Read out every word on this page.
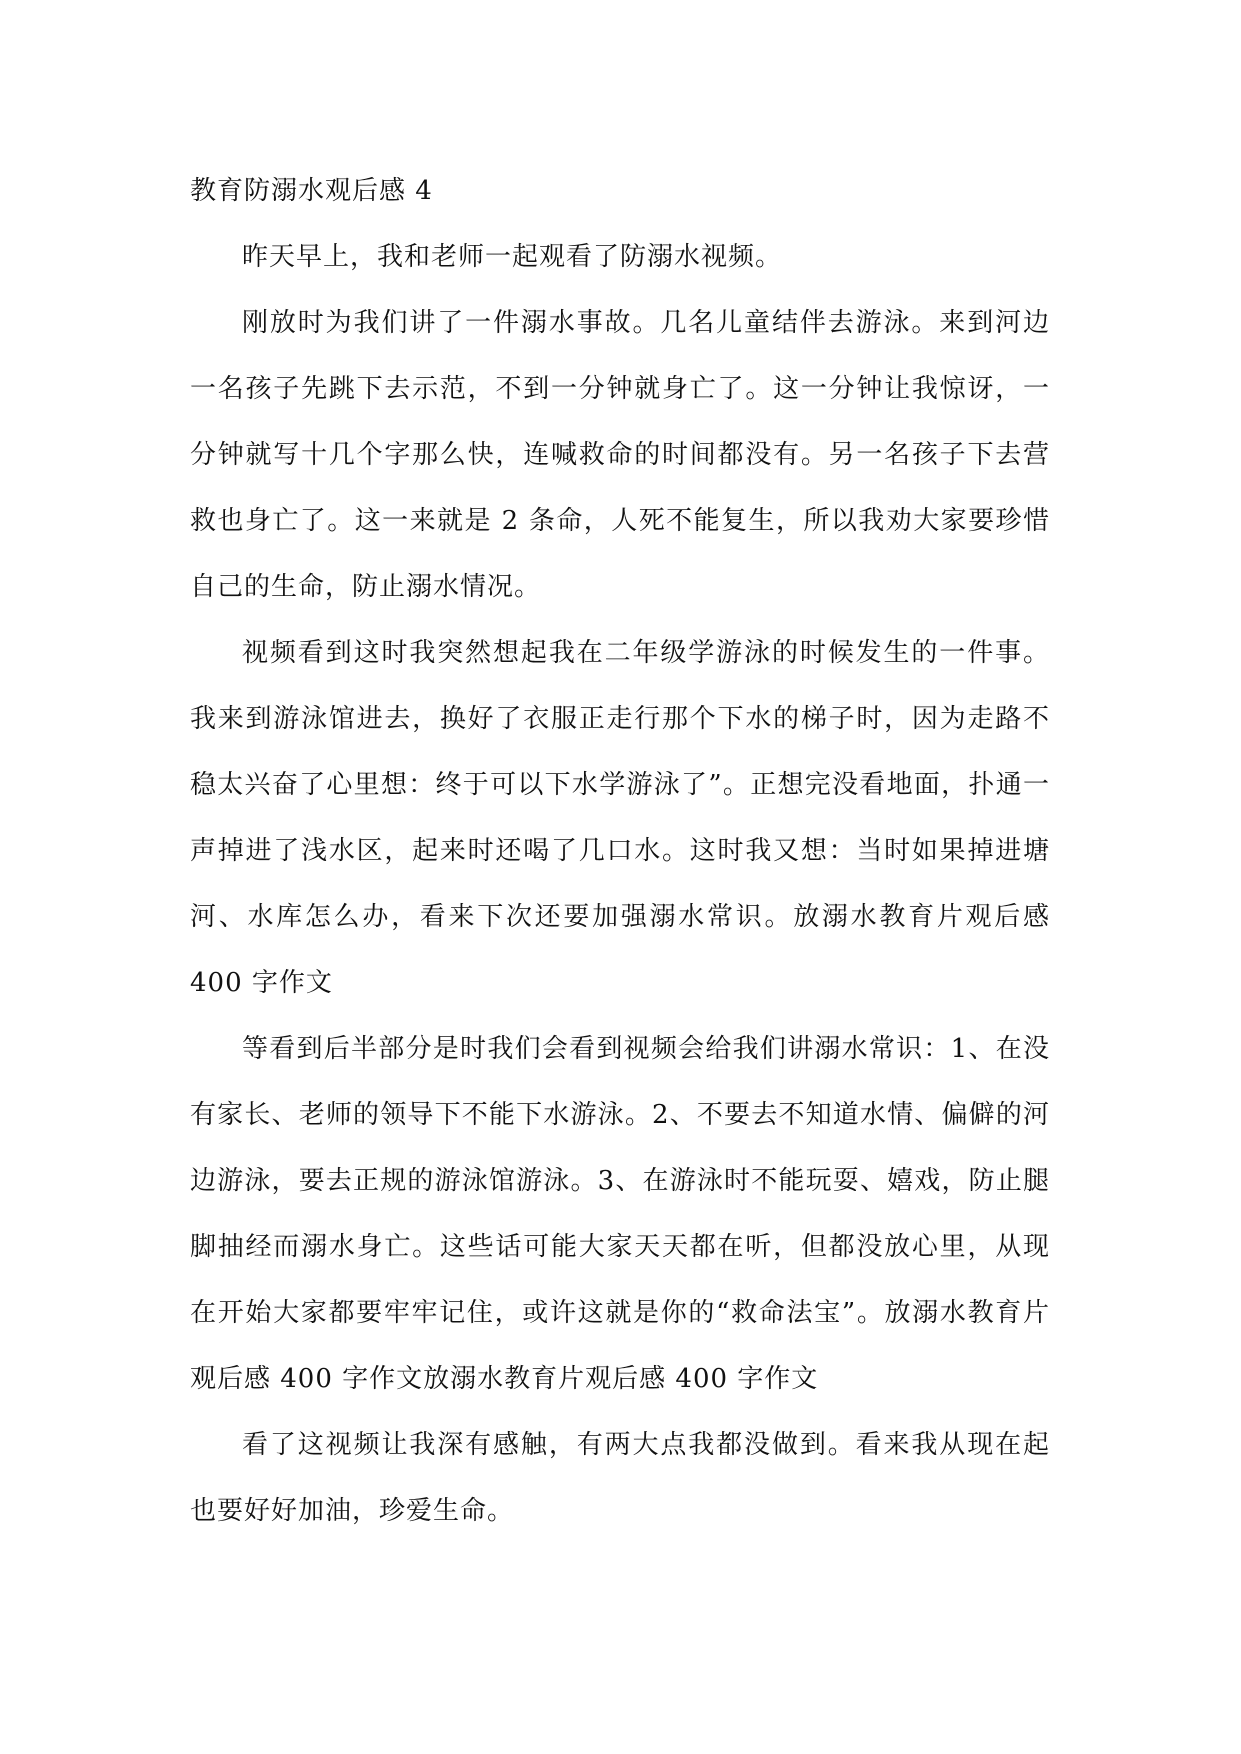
教育防溺水观后感 4

昨天早上，我和老师一起观看了防溺水视频。

刚放时为我们讲了一件溺水事故。几名儿童结伴去游泳。来到河边一名孩子先跳下去示范，不到一分钟就身亡了。这一分钟让我惊讶，一分钟就写十几个字那么快，连喊救命的时间都没有。另一名孩子下去营救也身亡了。这一来就是 2 条命，人死不能复生，所以我劝大家要珍惜自己的生命，防止溺水情况。

视频看到这时我突然想起我在二年级学游泳的时候发生的一件事。我来到游泳馆进去，换好了衣服正走行那个下水的梯子时，因为走路不稳太兴奋了心里想：终于可以下水学游泳了”。正想完没看地面，扑通一声掉进了浅水区，起来时还喝了几口水。这时我又想：当时如果掉进塘河、水库怎么办，看来下次还要加强溺水常识。放溺水教育片观后感 400 字作文

等看到后半部分是时我们会看到视频会给我们讲溺水常识：1、在没有家长、老师的领导下不能下水游泳。2、不要去不知道水情、偏僻的河边游泳，要去正规的游泳馆游泳。3、在游泳时不能玩耍、嬉戏，防止腿脚抽经而溺水身亡。这些话可能大家天天都在听，但都没放心里，从现在开始大家都要牢牢记住，或许这就是你的“救命法宝”。放溺水教育片观后感 400 字作文放溺水教育片观后感 400 字作文

看了这视频让我深有感触，有两大点我都没做到。看来我从现在起也要好好加油，珍爱生命。
